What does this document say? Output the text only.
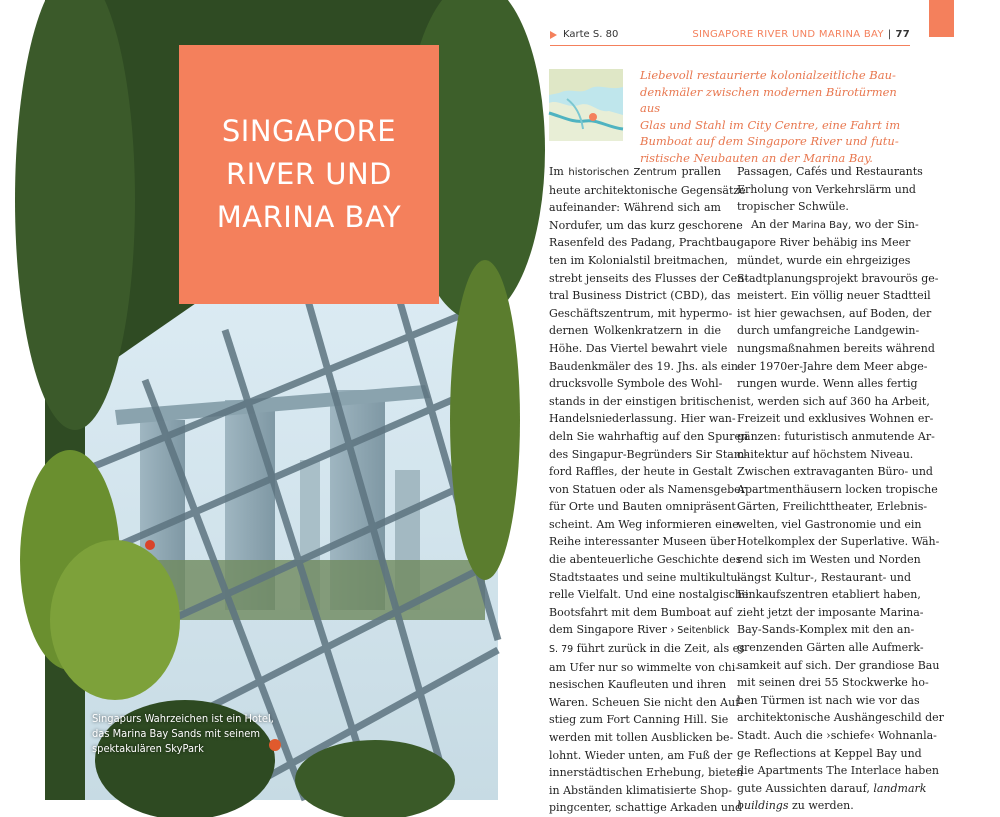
SINGAPORE
RIVER UND
MARINA BAY
Singapurs Wahrzeichen ist ein Hotel,
das Marina Bay Sands mit seinem
spektakulären SkyPark
Karte S. 80	SINGAPORE RIVER UND MARINA BAY | 77
Liebevoll restaurierte kolonialzeitliche Bau-
denkmäler zwischen modernen Bürotürmen aus
Glas und Stahl im City Centre, eine Fahrt im
Bumboat auf dem Singapore River und futu-
ristische Neubauten an der Marina Bay.
Im historischen Zentrum prallen
heute architektonische Gegensätze
aufeinander: Während sich am
Nordufer, um das kurz geschorene
Rasenfeld des Padang, Prachtbau-
ten im Kolonialstil breitmachen,
strebt jenseits des Flusses der Cen-
tral Business District (CBD), das
Geschäftszentrum, mit hypermo-
dernen Wolkenkratzern in die
Höhe. Das Viertel bewahrt viele
Baudenkmäler des 19. Jhs. als ein-
drucksvolle Symbole des Wohl-
stands in der einstigen britischen
Handelsniederlassung. Hier wan-
deln Sie wahrhaftig auf den Spuren
des Singapur-Begründers Sir Stam-
ford Raffles, der heute in Gestalt
von Statuen oder als Namensgeber
für Orte und Bauten omnipräsent
scheint. Am Weg informieren eine
Reihe interessanter Museen über
die abenteuerliche Geschichte des
Stadtstaates und seine multikultu-
relle Vielfalt. Und eine nostalgische
Bootsfahrt mit dem Bumboat auf
dem Singapore River › Seitenblick
S. 79 führt zurück in die Zeit, als es
am Ufer nur so wimmelte von chi-
nesischen Kaufleuten und ihren
Waren. Scheuen Sie nicht den Auf-
stieg zum Fort Canning Hill. Sie
werden mit tollen Ausblicken be-
lohnt. Wieder unten, am Fuß der
innerstädtischen Erhebung, bieten
in Abständen klimatisierte Shop-
pingcenter, schattige Arkaden und
Passagen, Cafés und Restaurants
Erholung von Verkehrslärm und
tropischer Schwüle.
An der Marina Bay, wo der Sin-
gapore River behäbig ins Meer
mündet, wurde ein ehrgeiziges
Stadtplanungsprojekt bravourös ge-
meistert. Ein völlig neuer Stadtteil
ist hier gewachsen, auf Boden, der
durch umfangreiche Landgewin-
nungsmaßnahmen bereits während
der 1970er-Jahre dem Meer abge-
rungen wurde. Wenn alles fertig
ist, werden sich auf 360 ha Arbeit,
Freizeit und exklusives Wohnen er-
gänzen: futuristisch anmutende Ar-
chitektur auf höchstem Niveau.
Zwischen extravaganten Büro- und
Apartmenthäusern locken tropische
Gärten, Freilichttheater, Erlebnis-
welten, viel Gastronomie und ein
Hotelkomplex der Superlative. Wäh-
rend sich im Westen und Norden
längst Kultur-, Restaurant- und
Einkaufszentren etabliert haben,
zieht jetzt der imposante Marina-
Bay-Sands-Komplex mit den an-
grenzenden Gärten alle Aufmerk-
samkeit auf sich. Der grandiose Bau
mit seinen drei 55 Stockwerke ho-
hen Türmen ist nach wie vor das
architektonische Aushängeschild der
Stadt. Auch die ›schiefe‹ Wohnanla-
ge Reflections at Keppel Bay und
die Apartments The Interlace haben
gute Aussichten darauf, landmark
buildings zu werden.
